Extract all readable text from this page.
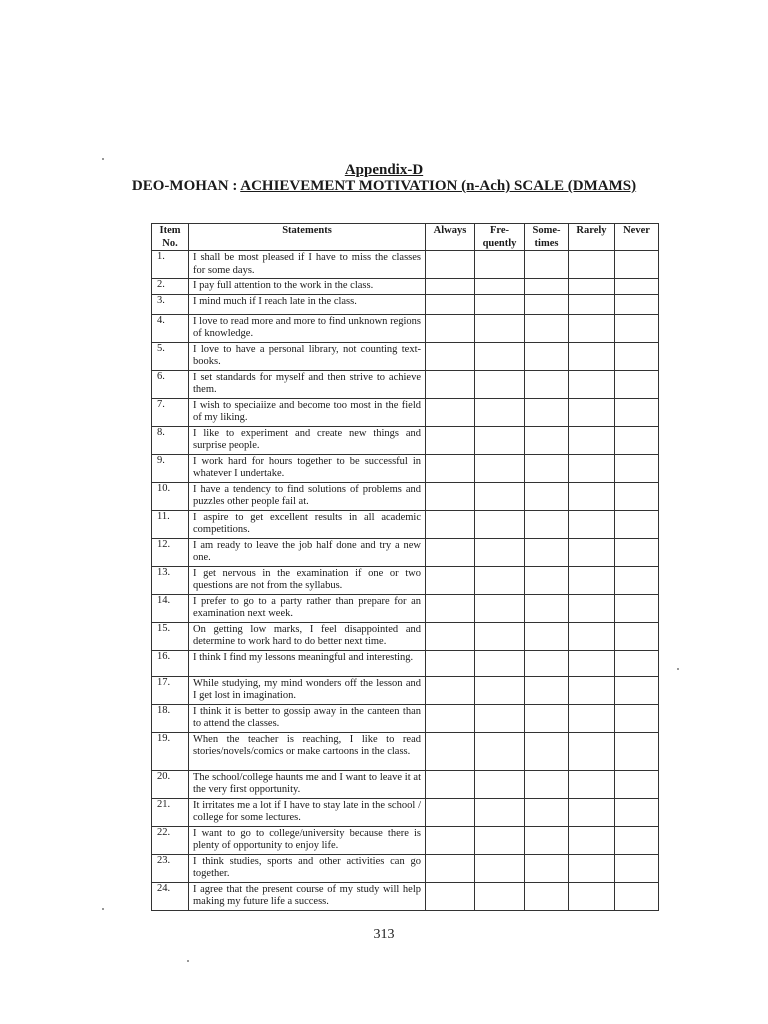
Appendix-D
DEO-MOHAN : ACHIEVEMENT MOTIVATION (n-Ach) SCALE (DMAMS)
Item No.	Statements	Always	Fre- quently	Some- times	Rarely	Never
1.	I shall be most pleased if I have to miss the classes for some days.					
2.	I pay full attention to the work in the class.					
3.	I mind much if I reach late in the class.					
4.	I love to read more and more to find unknown regions of knowledge.					
5.	I love to have a personal library, not counting text-books.					
6.	I set standards for myself and then strive to achieve them.					
7.	I wish to speciaiize and become too most in the field of my liking.					
8.	I like to experiment and create new things and surprise people.					
9.	I work hard for hours together to be successful in whatever I undertake.					
10.	I have a tendency to find solutions of problems and puzzles other people fail at.					
11.	I aspire to get excellent results in all academic competitions.					
12.	I am ready to leave the job half done and try a new one.					
13.	I get nervous in the examination if one or two questions are not from the syllabus.					
14.	I prefer to go to a party rather than prepare for an examination next week.					
15.	On getting low marks, I feel disappointed and determine to work hard to do better next time.					
16.	I think I find my lessons meaningful and interesting.					
17.	While studying, my mind wonders off the lesson and I get lost in imagination.					
18.	I think it is better to gossip away in the canteen than to attend the classes.					
19.	When the teacher is reaching, I like to read stories/novels/comics or make cartoons in the class.					
20.	The school/college haunts me and I want to leave it at the very first opportunity.					
21.	It irritates me a lot if I have to stay late in the school / college for some lectures.					
22.	I want to go to college/university because there is plenty of opportunity to enjoy life.					
23.	I think studies, sports and other activities can go together.					
24.	I agree that the present course of my study will help making my future life a success.					
313
